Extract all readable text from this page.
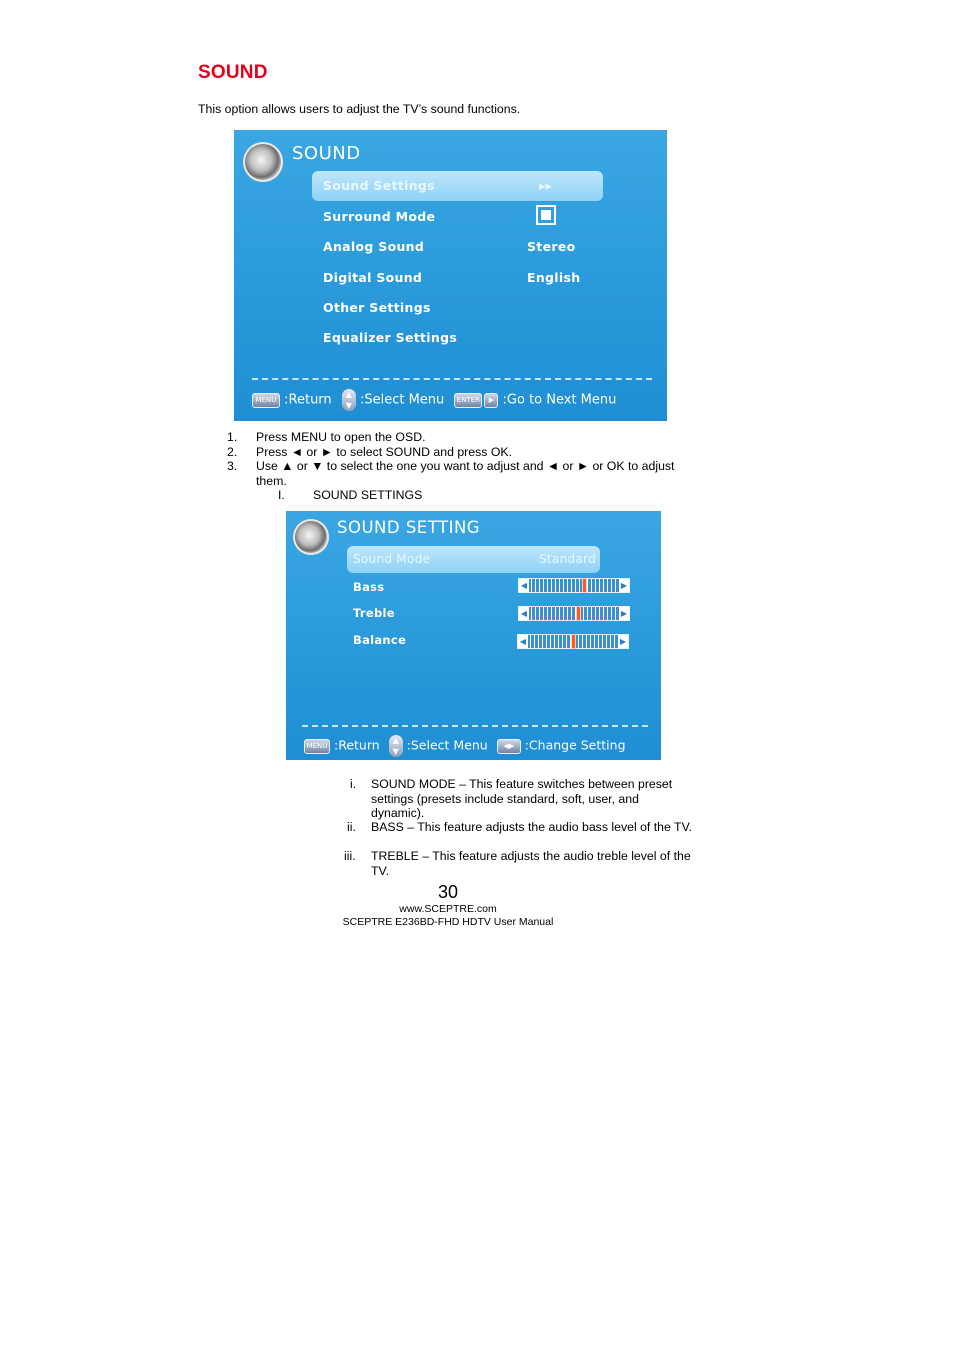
SOUND
This option allows users to adjust the TV’s sound functions.
SOUND
Sound Settings	▸▸
Surround Mode
Analog Sound	Stereo
Digital Sound	English
Other Settings
Equalizer Settings
MENU :Return ▲
▼ :Select Menu ENTER ▶ :Go to Next Menu
1. Press MENU to open the OSD.
2. Press ◄ or ► to select SOUND and press OK.
3. Use ▲ or ▼ to select the one you want to adjust and ◄ or ► or OK to adjust them.
I. SOUND SETTINGS
SOUND SETTING
Sound Mode	Standard
Bass	◀	▶
Treble	◀	▶
Balance	◀	▶
MENU :Return ▲
▼ :Select Menu ◀▶ :Change Setting
i. SOUND MODE – This feature switches between preset settings (presets include standard, soft, user, and dynamic).
ii. BASS – This feature adjusts the audio bass level of the TV.
iii. TREBLE – This feature adjusts the audio treble level of the TV.
30
www.SCEPTRE.com
SCEPTRE E236BD-FHD HDTV User Manual
